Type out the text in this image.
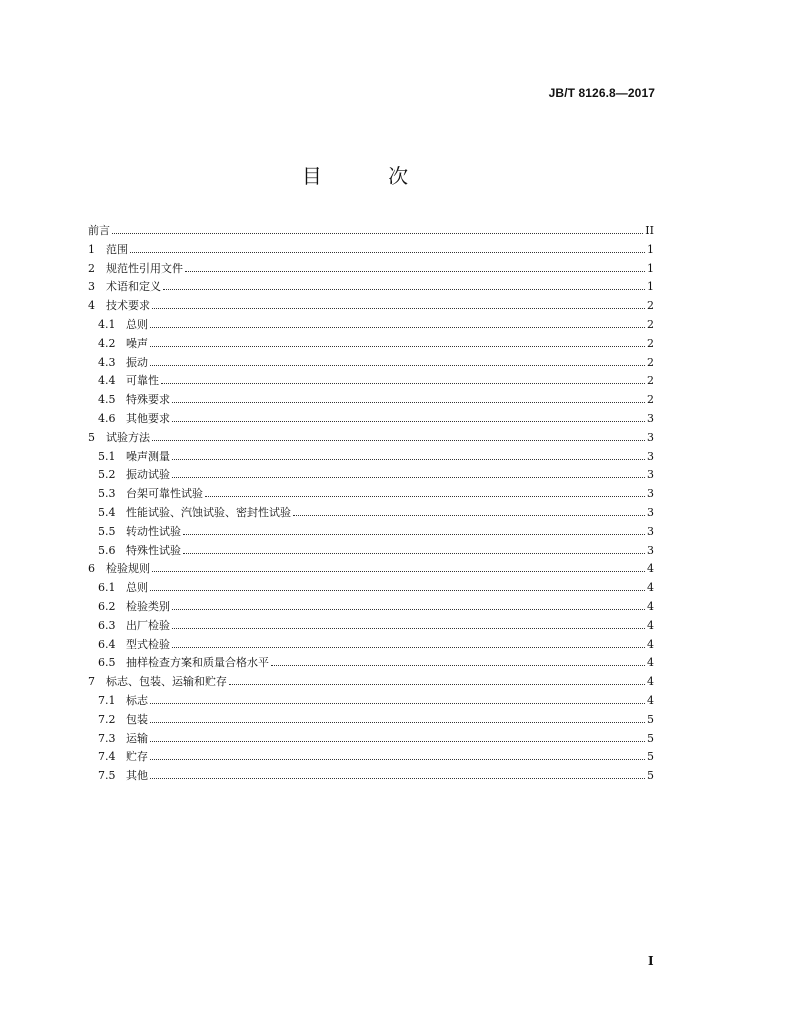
JB/T 8126.8—2017
目 次
前言	II
1	范围	1
2	规范性引用文件	1
3	术语和定义	1
4	技术要求	2
4.1 总则	2
4.2 噪声	2
4.3 振动	2
4.4 可靠性	2
4.5 特殊要求	2
4.6 其他要求	3
5	试验方法	3
5.1 噪声测量	3
5.2 振动试验	3
5.3 台架可靠性试验	3
5.4 性能试验、汽蚀试验、密封性试验	3
5.5 转动性试验	3
5.6 特殊性试验	3
6	检验规则	4
6.1 总则	4
6.2 检验类别	4
6.3 出厂检验	4
6.4 型式检验	4
6.5 抽样检查方案和质量合格水平	4
7	标志、包装、运输和贮存	4
7.1 标志	4
7.2 包装	5
7.3 运输	5
7.4 贮存	5
7.5 其他	5
I
